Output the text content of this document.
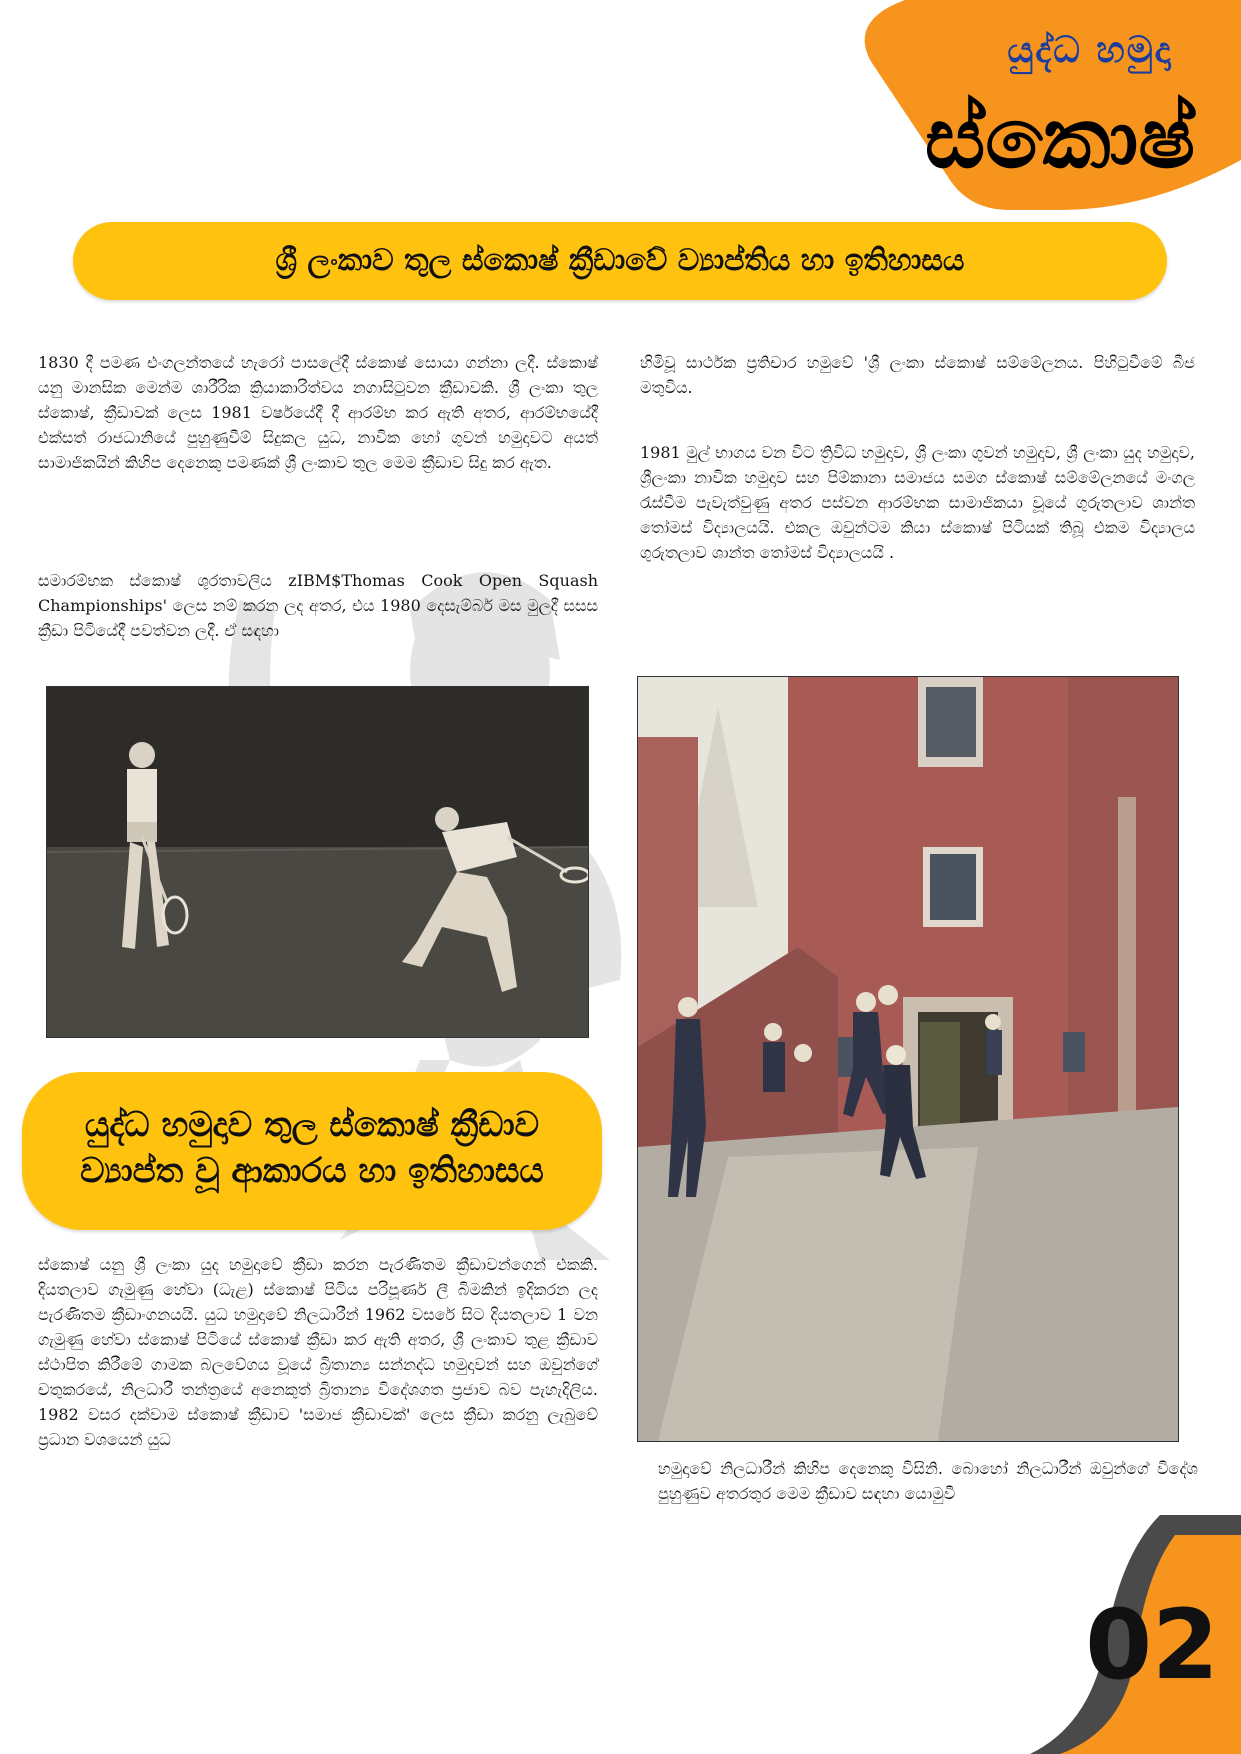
යුද්ධ හමුදා
ස්කොෂ්
ශ්‍රී ලංකාව තුල ස්කොෂ් ක්‍රීඩාවේ ව්‍යාප්තිය හා ඉතිහාසය

1830 දී පමණ එංගලන්තයේ හැරෝ පාසලේදී ස්කොෂ් සොයා ගන්නා ලදී. ස්කොෂ් යනු මානසික මෙන්ම ශාරීරික ක්‍රියාකාරිත්වය නගාසිටුවන ක්‍රීඩාවකි. ශ්‍රී ලංකා තුල ස්කොෂ්, ක්‍රීඩාවක් ලෙස 1981 වර්ෂයේදී දී ආරම්භ කර ඇති අතර, ආරම්භයේදී එක්සත් රාජධානියේ පුහුණුවීම් සිදුකල යුධ, නාවික හෝ ගුවන් හමුදාවට අයත් සාමාජිකයින් කිහිප දෙනෙකු පමණක් ශ්‍රී ලංකාව තුල මෙම ක්‍රීඩාව සිදු කර ඇත.

සමාරම්භක ස්කොෂ් ශුරතාවලිය zIBM$Thomas Cook Open Squash Championships' ලෙස නම් කරන ලද අතර, එය 1980 දෙසැම්බර් මස මුලදී සසස ක්‍රීඩා පිටියේදී පවත්වන ලදී. ඒ සඳහා

හිමිවූ සාර්ථක ප්‍රතිචාර හමුවේ 'ශ්‍රී ලංකා ස්කොෂ් සම්මේලනය. පිහිටුවීමේ බීජ මතුවිය.

1981 මුල් භාගය වන විට ත්‍රිවිධ හමුදාව, ශ්‍රී ලංකා ගුවන් හමුදාව, ශ්‍රී ලංකා යුද හමුදාව, ශ්‍රීලංකා නාවික හමුදාව සහ පිම්කානා සමාජය සමග ස්කොෂ් සම්මේලනයේ මංගල රැස්වීම පැවැත්වුණු අතර පස්වන ආරම්භක සාමාජිකයා වූයේ ගුරුතලාව ශාන්ත තෝමස් විද්‍යාලයයි. එකල ඔවුන්ටම කියා ස්කොෂ් පිටියක් තිබූ එකම විද්‍යාලය ගුරුතලාව ශාන්ත තෝමස් විද්‍යාලයයි .

යුද්ධ හමුදාව තුල ස්කොෂ් ක්‍රීඩාව
ව්‍යාප්ත වූ ආකාරය හා ඉතිහාසය

ස්කොෂ් යනු ශ්‍රී ලංකා යුද හමුදාවේ ක්‍රීඩා කරන පැරණිතම ක්‍රීඩාවන්ගෙන් එකකි. දියතලාව ගැමුණු හේවා (ධැළ) ස්කොෂ් පිටිය පරිපූර්ණ ලී බිමකින් ඉදිකරන ලද පැරණිතම ක්‍රීඩාංගනයයි. යුධ හමුදාවේ නිලධාරීන් 1962 වසරේ සිට දියතලාව 1 වන ගැමුණු හේවා ස්කොෂ් පිටියේ ස්කොෂ් ක්‍රීඩා කර ඇති අතර, ශ්‍රී ලංකාව තුළ ක්‍රීඩාව ස්ථාපිත කිරීමේ ගාමක බලවේගය වූයේ බ්‍රිතාන්‍ය සන්නද්ධ හමුදාවන් සහ ඔවුන්ගේ චතුකරයේ, නිලධාරී තන්ත්‍රයේ අනෙකුත් බ්‍රිතාන්‍ය විදේශගත ප්‍රජාව බව පැහැදිලිය. 1982 වසර දක්වාම ස්කොෂ් ක්‍රීඩාව 'සමාජ ක්‍රීඩාවක්' ලෙස ක්‍රීඩා කරනු ලැබුවේ ප්‍රධාන වශයෙන් යුධ

හමුදාවේ නිලධාරීන් කිහිප දෙනෙකු විසිනි. බොහෝ නිලධාරීන් ඔවුන්ගේ විදේශ පුහුණුව අතරතුර මෙම ක්‍රීඩාව සඳහා යොමුවී

02
